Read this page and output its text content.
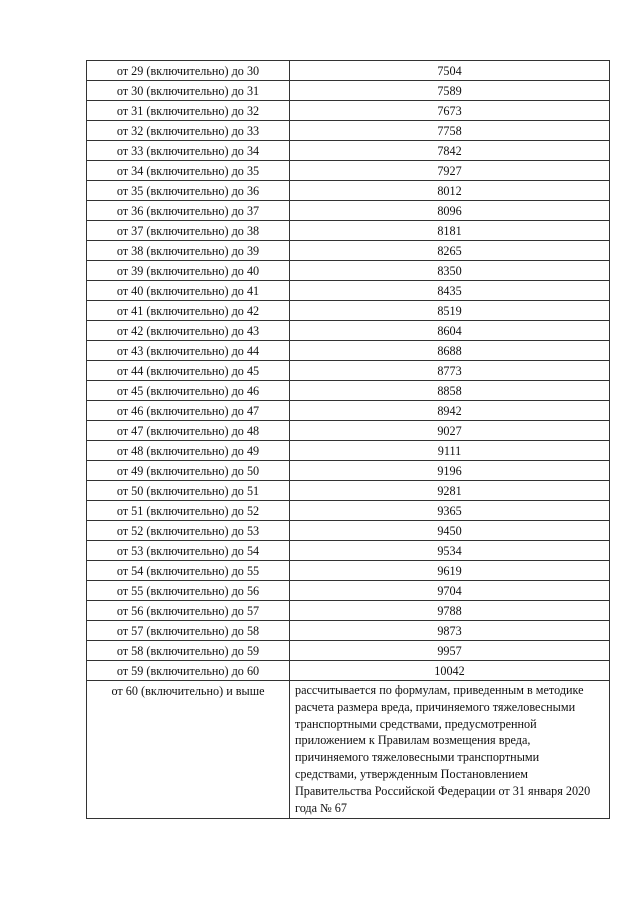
от 29 (включительно) до 30	7504
от 30 (включительно) до 31	7589
от 31 (включительно) до 32	7673
от 32 (включительно) до 33	7758
от 33 (включительно) до 34	7842
от 34 (включительно) до 35	7927
от 35 (включительно) до 36	8012
от 36 (включительно) до 37	8096
от 37 (включительно) до 38	8181
от 38 (включительно) до 39	8265
от 39 (включительно) до 40	8350
от 40 (включительно) до 41	8435
от 41 (включительно) до 42	8519
от 42 (включительно) до 43	8604
от 43 (включительно) до 44	8688
от 44 (включительно) до 45	8773
от 45 (включительно) до 46	8858
от 46 (включительно) до 47	8942
от 47 (включительно) до 48	9027
от 48 (включительно) до 49	9111
от 49 (включительно) до 50	9196
от 50 (включительно) до 51	9281
от 51 (включительно) до 52	9365
от 52 (включительно) до 53	9450
от 53 (включительно) до 54	9534
от 54 (включительно) до 55	9619
от 55 (включительно) до 56	9704
от 56 (включительно) до 57	9788
от 57 (включительно) до 58	9873
от 58 (включительно) до 59	9957
от 59 (включительно) до 60	10042
от 60 (включительно) и выше	рассчитывается по формулам, приведенным в методике расчета размера вреда, причиняемого тяжеловесными транспортными средствами, предусмотренной приложением к Правилам возмещения вреда, причиняемого тяжеловесными транспортными средствами, утвержденным Постановлением Правительства Российской Федерации от 31 января 2020 года № 67
